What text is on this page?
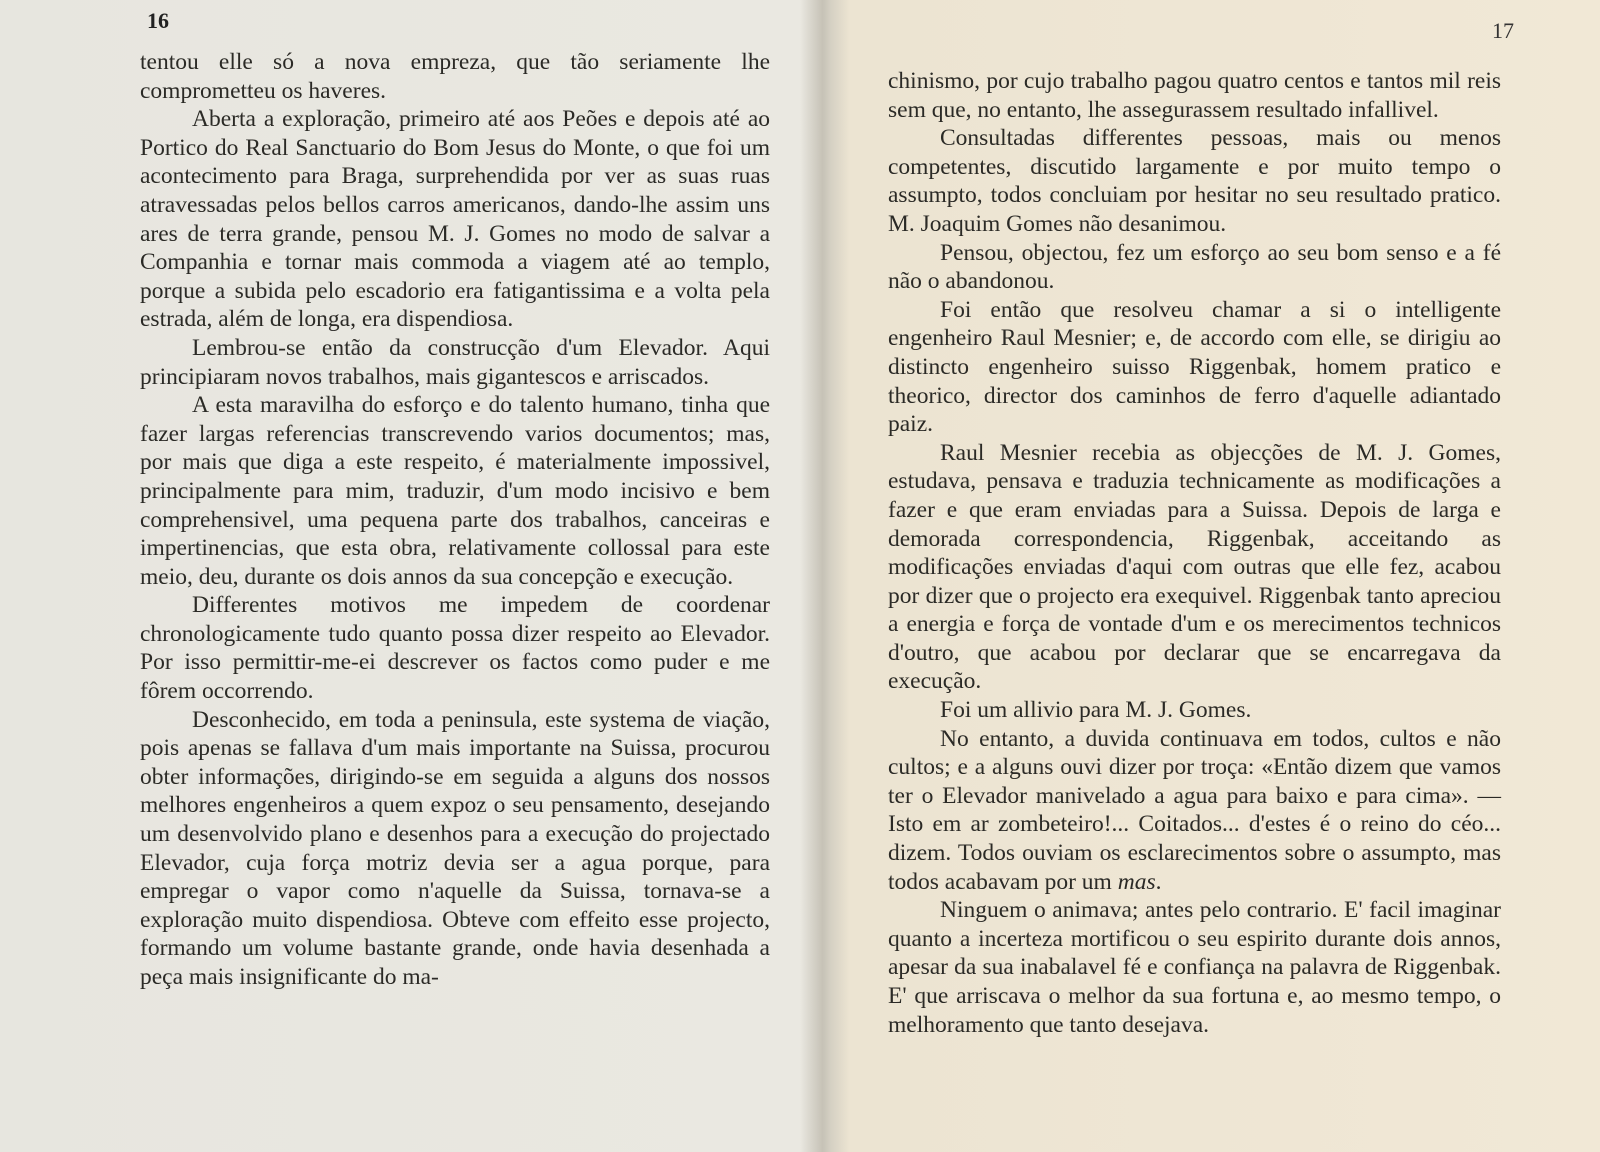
16

tentou elle só a nova empreza, que tão seriamente lhe comprometteu os haveres.

Aberta a exploração, primeiro até aos Peões e depois até ao Portico do Real Sanctuario do Bom Jesus do Monte, o que foi um acontecimento para Braga, surprehendida por ver as suas ruas atravessadas pelos bellos carros americanos, dando-lhe assim uns ares de terra grande, pensou M. J. Gomes no modo de salvar a Companhia e tornar mais commoda a viagem até ao templo, porque a subida pelo escadorio era fatigantissima e a volta pela estrada, além de longa, era dispendiosa.

Lembrou-se então da construcção d'um Elevador. Aqui principiaram novos trabalhos, mais gigantescos e arriscados.

A esta maravilha do esforço e do talento humano, tinha que fazer largas referencias transcrevendo varios documentos; mas, por mais que diga a este respeito, é materialmente impossivel, principalmente para mim, traduzir, d'um modo incisivo e bem comprehensivel, uma pequena parte dos trabalhos, canceiras e impertinencias, que esta obra, relativamente collossal para este meio, deu, durante os dois annos da sua concepção e execução.

Differentes motivos me impedem de coordenar chronologicamente tudo quanto possa dizer respeito ao Elevador. Por isso permittir-me-ei descrever os factos como puder e me fôrem occorrendo.

Desconhecido, em toda a peninsula, este systema de viação, pois apenas se fallava d'um mais importante na Suissa, procurou obter informações, dirigindo-se em seguida a alguns dos nossos melhores engenheiros a quem expoz o seu pensamento, desejando um desenvolvido plano e desenhos para a execução do projectado Elevador, cuja força motriz devia ser a agua porque, para empregar o vapor como n'aquelle da Suissa, tornava-se a exploração muito dispendiosa. Obteve com effeito esse projecto, formando um volume bastante grande, onde havia desenhada a peça mais insignificante do ma-

17

chinismo, por cujo trabalho pagou quatro centos e tantos mil reis sem que, no entanto, lhe assegurassem resultado infallivel.

Consultadas differentes pessoas, mais ou menos competentes, discutido largamente e por muito tempo o assumpto, todos concluiam por hesitar no seu resultado pratico. M. Joaquim Gomes não desanimou.

Pensou, objectou, fez um esforço ao seu bom senso e a fé não o abandonou.

Foi então que resolveu chamar a si o intelligente engenheiro Raul Mesnier; e, de accordo com elle, se dirigiu ao distincto engenheiro suisso Riggenbak, homem pratico e theorico, director dos caminhos de ferro d'aquelle adiantado paiz.

Raul Mesnier recebia as objecções de M. J. Gomes, estudava, pensava e traduzia technicamente as modificações a fazer e que eram enviadas para a Suissa. Depois de larga e demorada correspondencia, Riggenbak, acceitando as modificações enviadas d'aqui com outras que elle fez, acabou por dizer que o projecto era exequivel. Riggenbak tanto apreciou a energia e força de vontade d'um e os merecimentos technicos d'outro, que acabou por declarar que se encarregava da execução.

Foi um allivio para M. J. Gomes.

No entanto, a duvida continuava em todos, cultos e não cultos; e a alguns ouvi dizer por troça: «Então dizem que vamos ter o Elevador manivelado a agua para baixo e para cima». — Isto em ar zombeteiro!... Coitados... d'estes é o reino do céo... dizem. Todos ouviam os esclarecimentos sobre o assumpto, mas todos acabavam por um mas.

Ninguem o animava; antes pelo contrario. E' facil imaginar quanto a incerteza mortificou o seu espirito durante dois annos, apesar da sua inabalavel fé e confiança na palavra de Riggenbak. E' que arriscava o melhor da sua fortuna e, ao mesmo tempo, o melhoramento que tanto desejava.
